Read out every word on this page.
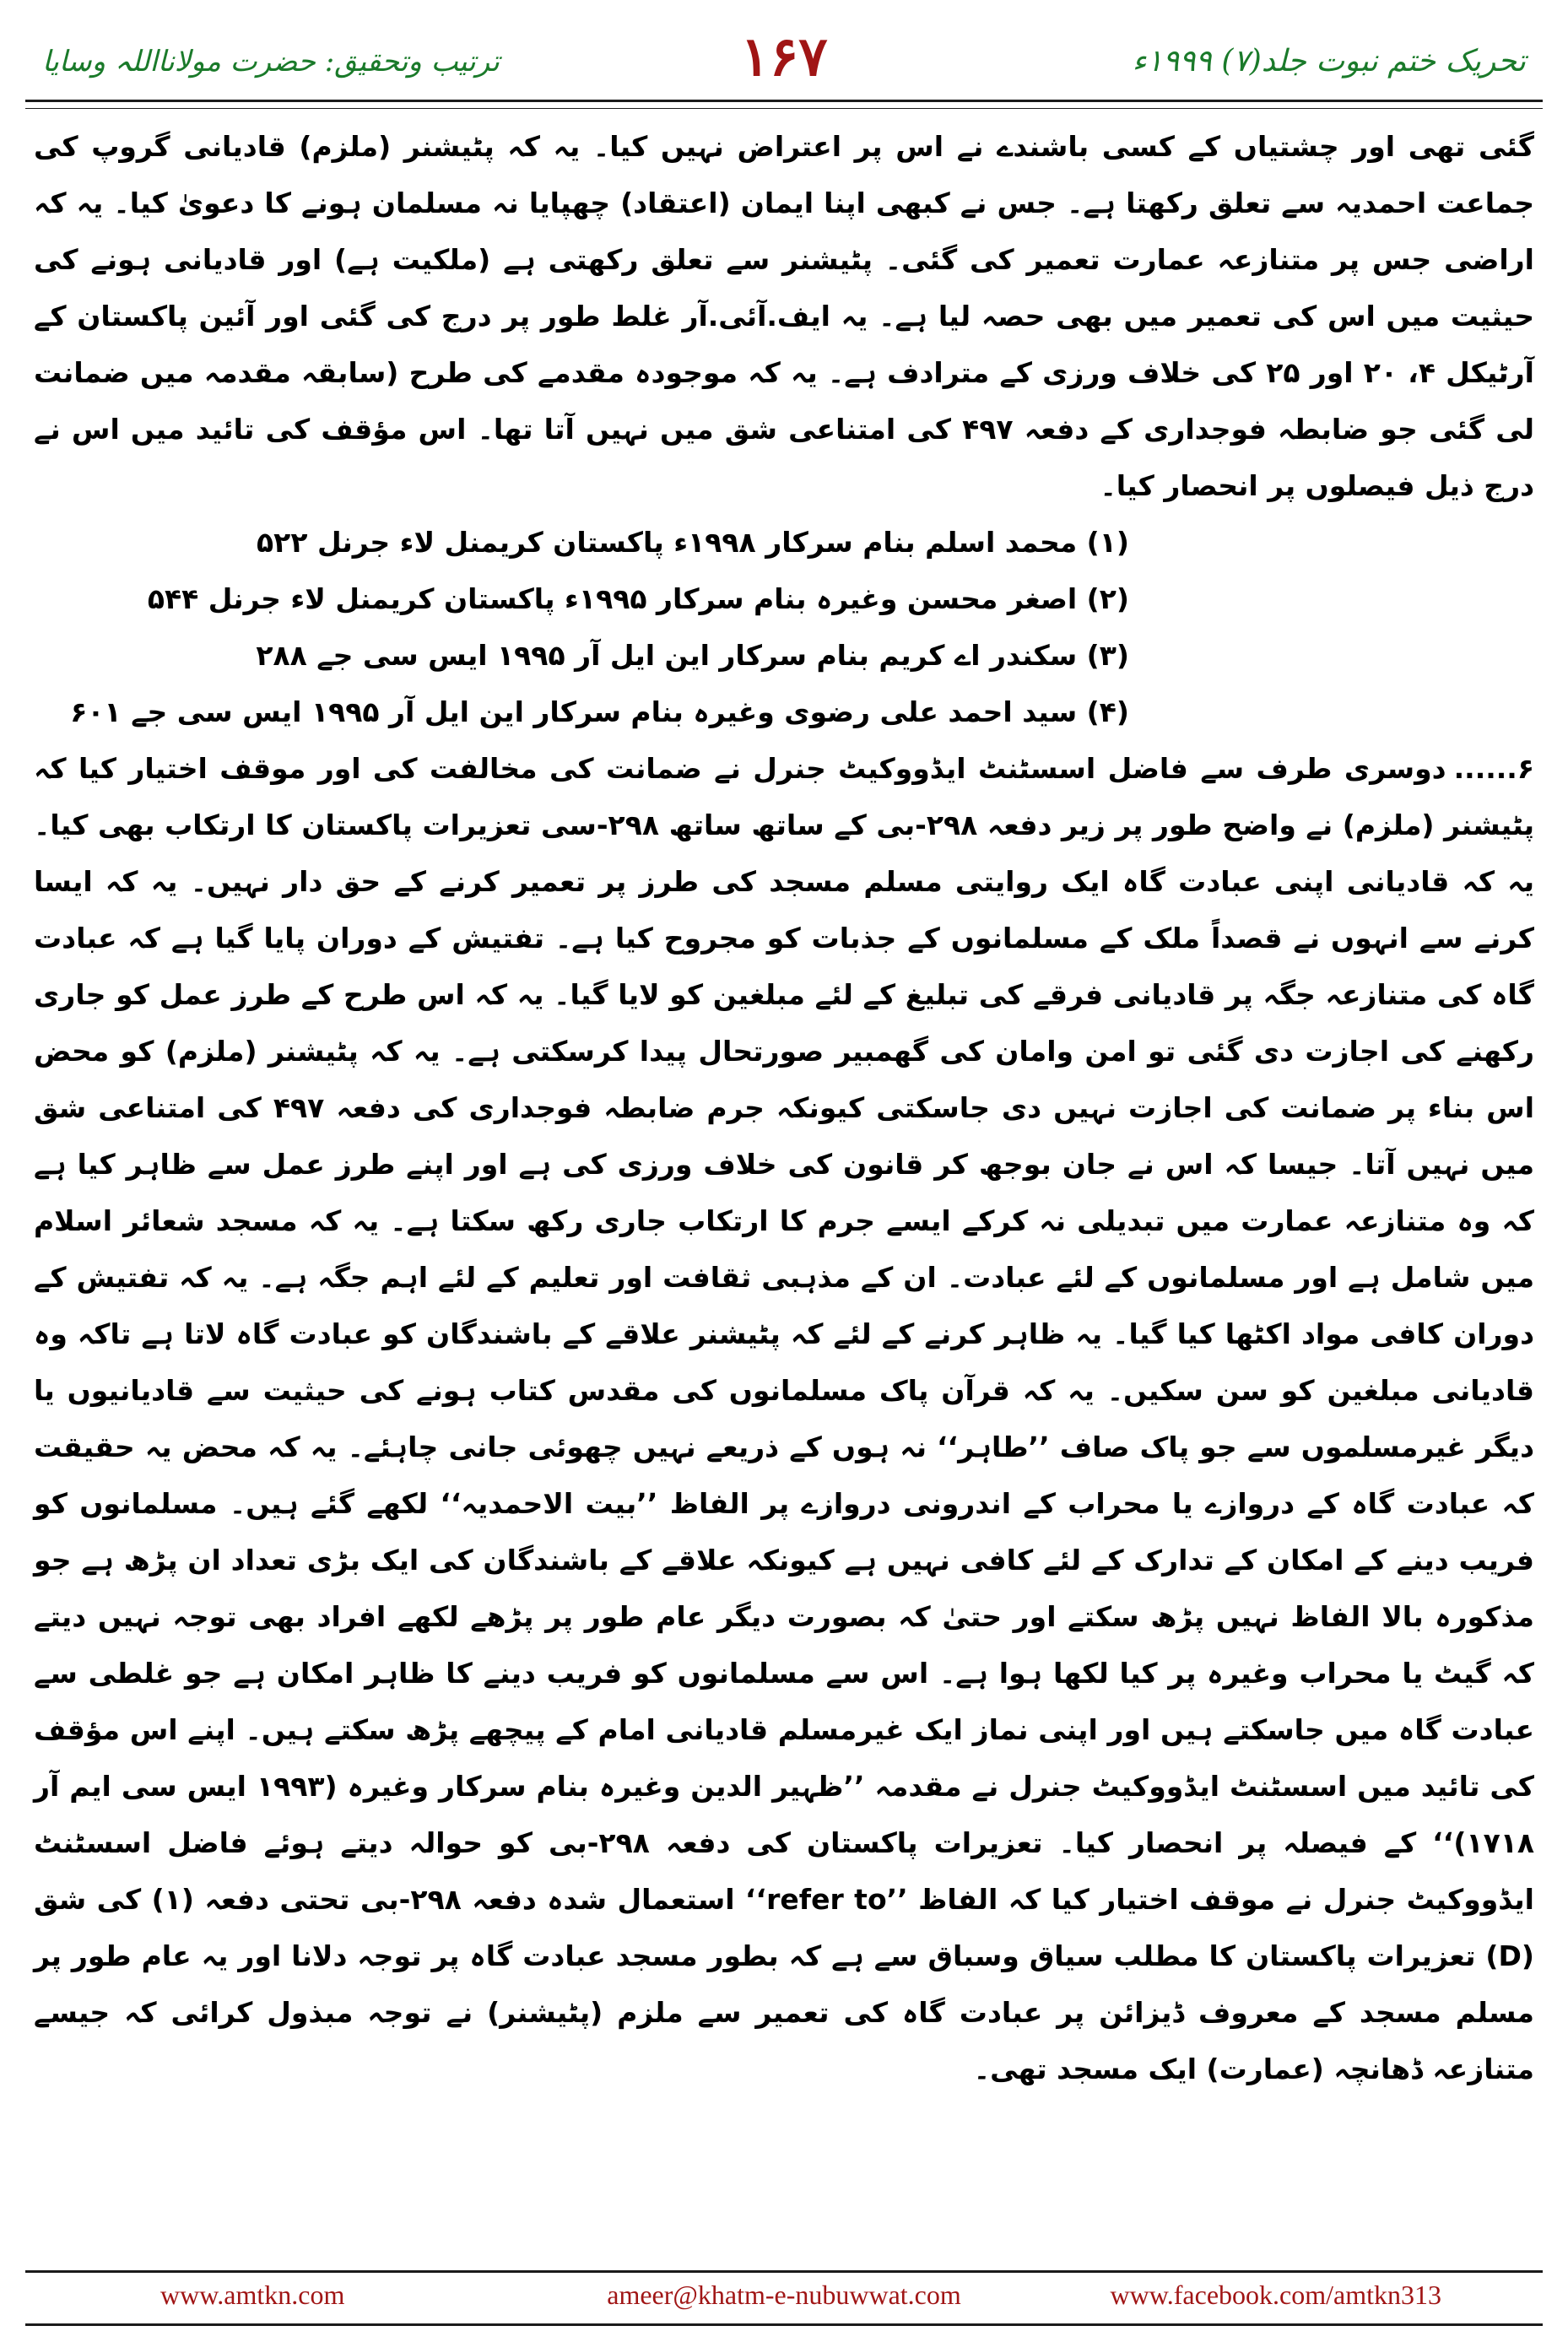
تحریک ختم نبوت جلد(۷) ۱۹۹۹ء
۱۶۷
ترتیب وتحقیق: حضرت مولانااللہ وسایا

گئی تھی اور چشتیاں کے کسی باشندے نے اس پر اعتراض نہیں کیا۔ یہ کہ پٹیشنر (ملزم) قادیانی گروپ کی جماعت احمدیہ سے تعلق رکھتا ہے۔ جس نے کبھی اپنا ایمان (اعتقاد) چھپایا نہ مسلمان ہونے کا دعویٰ کیا۔ یہ کہ اراضی جس پر متنازعہ عمارت تعمیر کی گئی۔ پٹیشنر سے تعلق رکھتی ہے (ملکیت ہے) اور قادیانی ہونے کی حیثیت میں اس کی تعمیر میں بھی حصہ لیا ہے۔ یہ ایف.آئی.آر غلط طور پر درج کی گئی اور آئین پاکستان کے آرٹیکل ۴، ۲۰ اور ۲۵ کی خلاف ورزی کے مترادف ہے۔ یہ کہ موجودہ مقدمے کی طرح (سابقہ مقدمہ میں ضمانت لی گئی جو ضابطہ فوجداری کے دفعہ ۴۹۷ کی امتناعی شق میں نہیں آتا تھا۔ اس مؤقف کی تائید میں اس نے درج ذیل فیصلوں پر انحصار کیا۔

(۱) محمد اسلم بنام سرکار ۱۹۹۸ء پاکستان کریمنل لاء جرنل ۵۲۲
(۲) اصغر محسن وغیرہ بنام سرکار ۱۹۹۵ء پاکستان کریمنل لاء جرنل ۵۴۴
(۳) سکندر اے کریم بنام سرکار این ایل آر ۱۹۹۵ ایس سی جے ۲۸۸
(۴) سید احمد علی رضوی وغیرہ بنام سرکار این ایل آر ۱۹۹۵ ایس سی جے ۶۰۱

۶...... دوسری طرف سے فاضل اسسٹنٹ ایڈووکیٹ جنرل نے ضمانت کی مخالفت کی اور موقف اختیار کیا کہ پٹیشنر (ملزم) نے واضح طور پر زیر دفعہ ۲۹۸-بی کے ساتھ ساتھ ۲۹۸-سی تعزیرات پاکستان کا ارتکاب بھی کیا۔ یہ کہ قادیانی اپنی عبادت گاہ ایک روایتی مسلم مسجد کی طرز پر تعمیر کرنے کے حق دار نہیں۔ یہ کہ ایسا کرنے سے انہوں نے قصداً ملک کے مسلمانوں کے جذبات کو مجروح کیا ہے۔ تفتیش کے دوران پایا گیا ہے کہ عبادت گاہ کی متنازعہ جگہ پر قادیانی فرقے کی تبلیغ کے لئے مبلغین کو لایا گیا۔ یہ کہ اس طرح کے طرز عمل کو جاری رکھنے کی اجازت دی گئی تو امن وامان کی گھمبیر صورتحال پیدا کرسکتی ہے۔ یہ کہ پٹیشنر (ملزم) کو محض اس بناء پر ضمانت کی اجازت نہیں دی جاسکتی کیونکہ جرم ضابطہ فوجداری کی دفعہ ۴۹۷ کی امتناعی شق میں نہیں آتا۔ جیسا کہ اس نے جان بوجھ کر قانون کی خلاف ورزی کی ہے اور اپنے طرز عمل سے ظاہر کیا ہے کہ وہ متنازعہ عمارت میں تبدیلی نہ کرکے ایسے جرم کا ارتکاب جاری رکھ سکتا ہے۔ یہ کہ مسجد شعائر اسلام میں شامل ہے اور مسلمانوں کے لئے عبادت۔ ان کے مذہبی ثقافت اور تعلیم کے لئے اہم جگہ ہے۔ یہ کہ تفتیش کے دوران کافی مواد اکٹھا کیا گیا۔ یہ ظاہر کرنے کے لئے کہ پٹیشنر علاقے کے باشندگان کو عبادت گاہ لاتا ہے تاکہ وہ قادیانی مبلغین کو سن سکیں۔ یہ کہ قرآن پاک مسلمانوں کی مقدس کتاب ہونے کی حیثیت سے قادیانیوں یا دیگر غیرمسلموں سے جو پاک صاف ’’طاہر‘‘ نہ ہوں کے ذریعے نہیں چھوئی جانی چاہئے۔ یہ کہ محض یہ حقیقت کہ عبادت گاہ کے دروازے یا محراب کے اندرونی دروازے پر الفاظ ’’بیت الاحمدیہ‘‘ لکھے گئے ہیں۔ مسلمانوں کو فریب دینے کے امکان کے تدارک کے لئے کافی نہیں ہے کیونکہ علاقے کے باشندگان کی ایک بڑی تعداد ان پڑھ ہے جو مذکورہ بالا الفاظ نہیں پڑھ سکتے اور حتیٰ کہ بصورت دیگر عام طور پر پڑھے لکھے افراد بھی توجہ نہیں دیتے کہ گیٹ یا محراب وغیرہ پر کیا لکھا ہوا ہے۔ اس سے مسلمانوں کو فریب دینے کا ظاہر امکان ہے جو غلطی سے عبادت گاہ میں جاسکتے ہیں اور اپنی نماز ایک غیرمسلم قادیانی امام کے پیچھے پڑھ سکتے ہیں۔ اپنے اس مؤقف کی تائید میں اسسٹنٹ ایڈووکیٹ جنرل نے مقدمہ ’’ظہیر الدین وغیرہ بنام سرکار وغیرہ (۱۹۹۳ ایس سی ایم آر ۱۷۱۸)‘‘ کے فیصلہ پر انحصار کیا۔ تعزیرات پاکستان کی دفعہ ۲۹۸-بی کو حوالہ دیتے ہوئے فاضل اسسٹنٹ ایڈووکیٹ جنرل نے موقف اختیار کیا کہ الفاظ ’’refer to‘‘ استعمال شدہ دفعہ ۲۹۸-بی تحتی دفعہ (۱) کی شق (D) تعزیرات پاکستان کا مطلب سیاق وسباق سے ہے کہ بطور مسجد عبادت گاہ پر توجہ دلانا اور یہ عام طور پر مسلم مسجد کے معروف ڈیزائن پر عبادت گاہ کی تعمیر سے ملزم (پٹیشنر) نے توجہ مبذول کرائی کہ جیسے متنازعہ ڈھانچہ (عمارت) ایک مسجد تھی۔

www.amtkn.com	ameer@khatm-e-nubuwwat.com	www.facebook.com/amtkn313
